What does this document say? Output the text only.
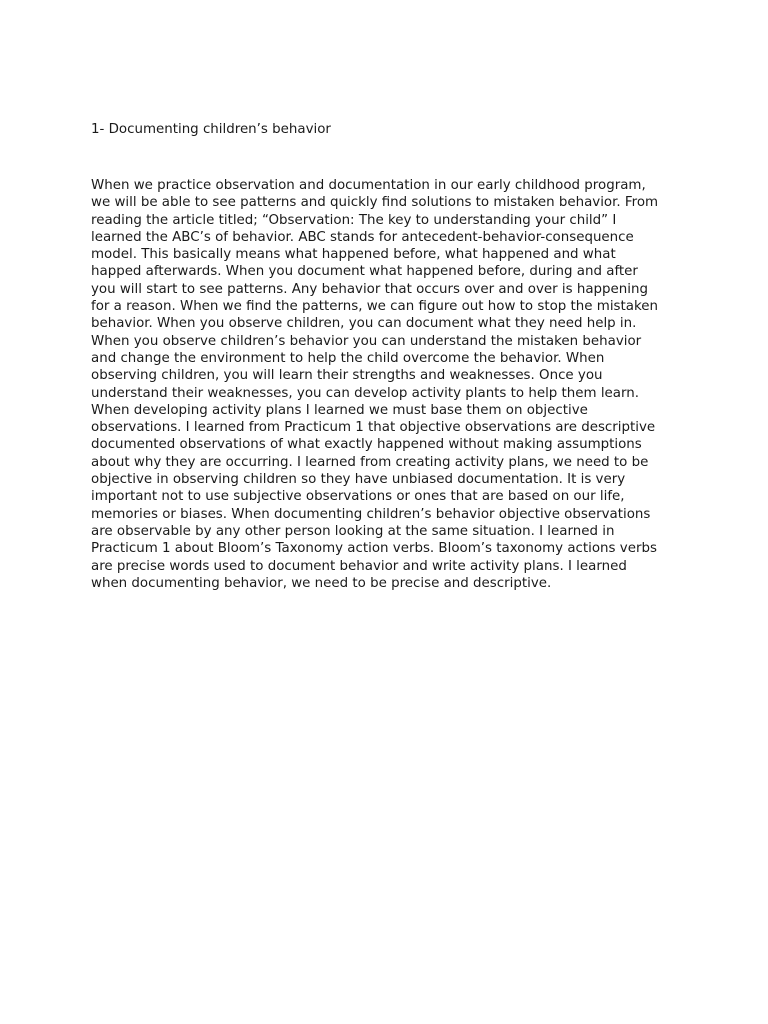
1- Documenting children’s behavior
When we practice observation and documentation in our early childhood program,
we will be able to see patterns and quickly find solutions to mistaken behavior. From
reading the article titled; “Observation: The key to understanding your child” I
learned the ABC’s of behavior. ABC stands for antecedent-behavior-consequence
model. This basically means what happened before, what happened and what
happed afterwards. When you document what happened before, during and after
you will start to see patterns. Any behavior that occurs over and over is happening
for a reason. When we find the patterns, we can figure out how to stop the mistaken
behavior. When you observe children, you can document what they need help in.
When you observe children’s behavior you can understand the mistaken behavior
and change the environment to help the child overcome the behavior. When
observing children, you will learn their strengths and weaknesses. Once you
understand their weaknesses, you can develop activity plants to help them learn.
When developing activity plans I learned we must base them on objective
observations. I learned from Practicum 1 that objective observations are descriptive
documented observations of what exactly happened without making assumptions
about why they are occurring. I learned from creating activity plans, we need to be
objective in observing children so they have unbiased documentation. It is very
important not to use subjective observations or ones that are based on our life,
memories or biases. When documenting children’s behavior objective observations
are observable by any other person looking at the same situation. I learned in
Practicum 1 about Bloom’s Taxonomy action verbs. Bloom’s taxonomy actions verbs
are precise words used to document behavior and write activity plans. I learned
when documenting behavior, we need to be precise and descriptive.
